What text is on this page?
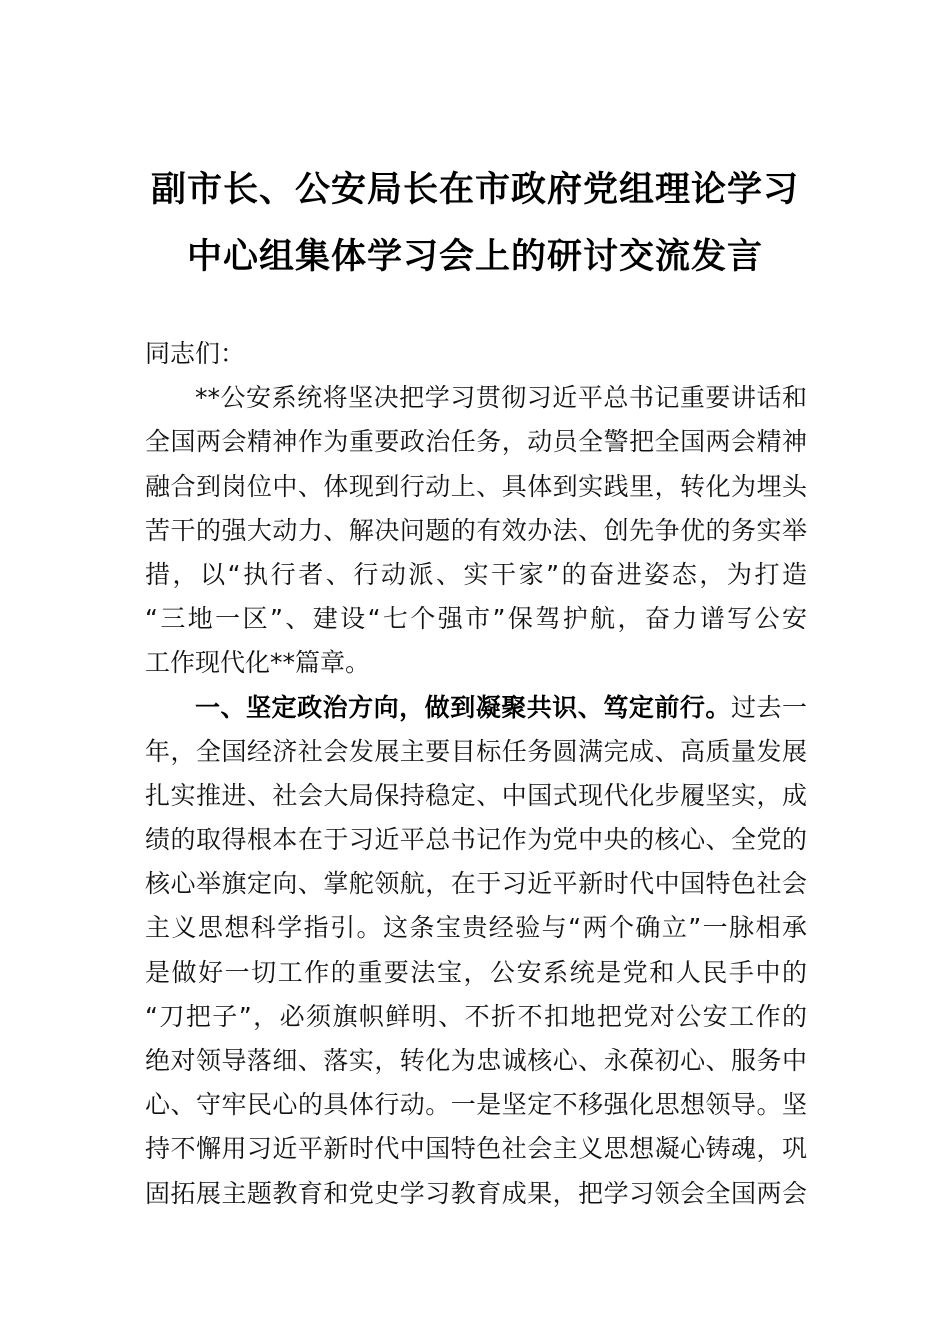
副市长、公安局长在市政府党组理论学习
中心组集体学习会上的研讨交流发言
同志们：
**公安系统将坚决把学习贯彻习近平总书记重要讲话和
全国两会精神作为重要政治任务，动员全警把全国两会精神
融合到岗位中、体现到行动上、具体到实践里，转化为埋头
苦干的强大动力、解决问题的有效办法、创先争优的务实举
措，以“执行者、行动派、实干家”的奋进姿态，为打造
“三地一区”、建设“七个强市”保驾护航，奋力谱写公安
工作现代化**篇章。
一、坚定政治方向，做到凝聚共识、笃定前行。过去一
年，全国经济社会发展主要目标任务圆满完成、高质量发展
扎实推进、社会大局保持稳定、中国式现代化步履坚实，成
绩的取得根本在于习近平总书记作为党中央的核心、全党的
核心举旗定向、掌舵领航，在于习近平新时代中国特色社会
主义思想科学指引。这条宝贵经验与“两个确立”一脉相承
是做好一切工作的重要法宝，公安系统是党和人民手中的
“刀把子”，必须旗帜鲜明、不折不扣地把党对公安工作的
绝对领导落细、落实，转化为忠诚核心、永葆初心、服务中
心、守牢民心的具体行动。一是坚定不移强化思想领导。坚
持不懈用习近平新时代中国特色社会主义思想凝心铸魂，巩
固拓展主题教育和党史学习教育成果，把学习领会全国两会
